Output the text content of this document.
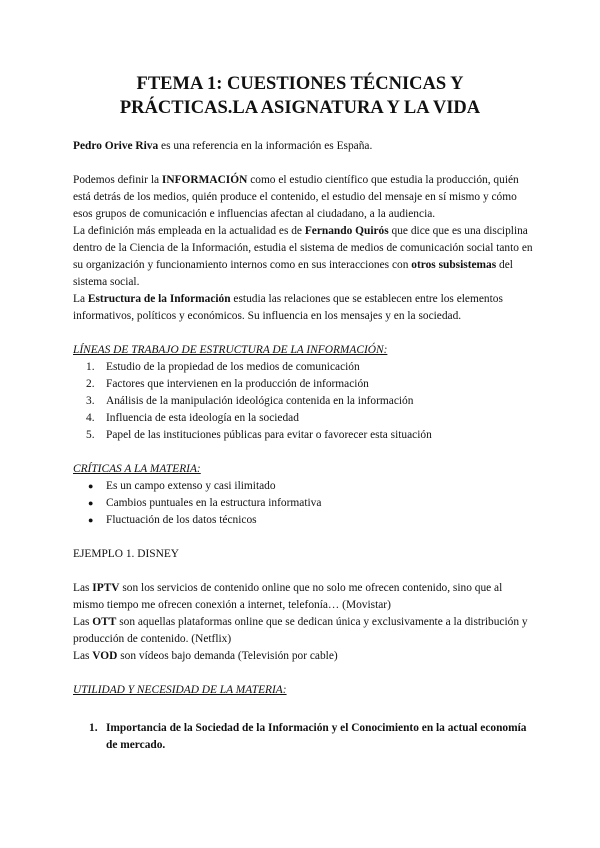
FTEMA 1: CUESTIONES TÉCNICAS Y
PRÁCTICAS.LA ASIGNATURA Y LA VIDA

Pedro Orive Riva es una referencia en la información es España.

Podemos definir la INFORMACIÓN como el estudio científico que estudia la producción, quién está detrás de los medios, quién produce el contenido, el estudio del mensaje en sí mismo y cómo esos grupos de comunicación e influencias afectan al ciudadano, a la audiencia.

La definición más empleada en la actualidad es de Fernando Quirós que dice que es una disciplina dentro de la Ciencia de la Información, estudia el sistema de medios de comunicación social tanto en su organización y funcionamiento internos como en sus interacciones con otros subsistemas del sistema social.

La Estructura de la Información estudia las relaciones que se establecen entre los elementos informativos, políticos y económicos. Su influencia en los mensajes y en la sociedad.

LÍNEAS DE TRABAJO DE ESTRUCTURA DE LA INFORMACIÓN:

1. Estudio de la propiedad de los medios de comunicación
2. Factores que intervienen en la producción de información
3. Análisis de la manipulación ideológica contenida en la información
4. Influencia de esta ideología en la sociedad
5. Papel de las instituciones públicas para evitar o favorecer esta situación

CRÍTICAS A LA MATERIA:

● Es un campo extenso y casi ilimitado
● Cambios puntuales en la estructura informativa
● Fluctuación de los datos técnicos

EJEMPLO 1. DISNEY

Las IPTV son los servicios de contenido online que no solo me ofrecen contenido, sino que al mismo tiempo me ofrecen conexión a internet, telefonía… (Movistar)

Las OTT son aquellas plataformas online que se dedican única y exclusivamente a la distribución y producción de contenido. (Netflix)

Las VOD son vídeos bajo demanda (Televisión por cable)

UTILIDAD Y NECESIDAD DE LA MATERIA:

1. Importancia de la Sociedad de la Información y el Conocimiento en la actual economía de mercado.
